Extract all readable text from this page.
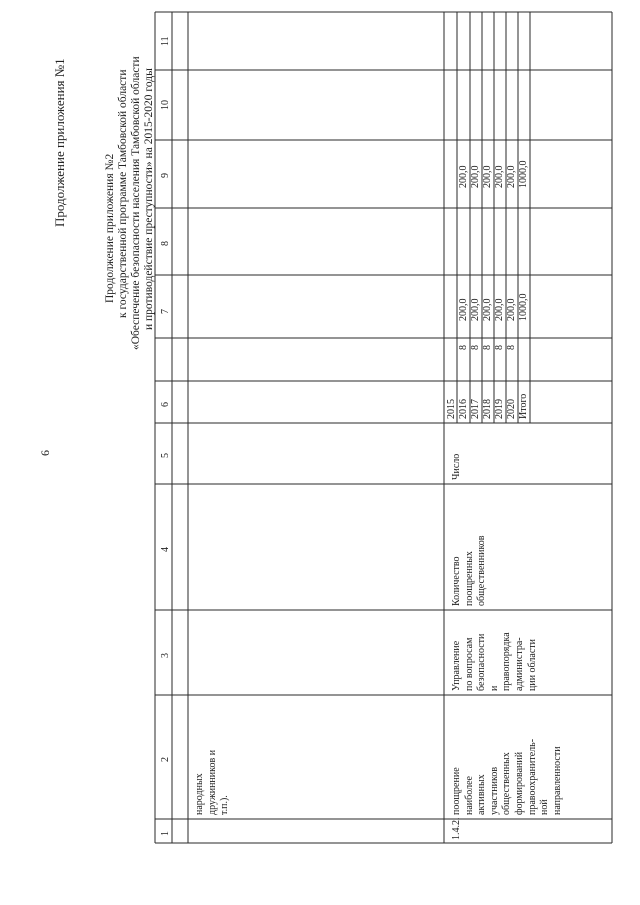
6
Продолжение приложения №1
Продолжение приложения №2 к государственной программе Тамбовской области «Обеспечение безопасности населения Тамбовской области и противодействие преступности» на 2015-2020 годы
1
2
3
4
5
6
7
8
9
10
11
народных дружинников и т.п.).
1.4.2.
поощрение наиболее активных участников общественных формирований правоохранитель- ной направленности
Управление по вопросам безопасности и правопорядка администра- ции области
Количество поощренных общественников
Число
2015 2016 2017 2018 2019 2020 Итого

8 8 8 8 8

200,0 200,0 200,0 200,0 200,0 1000,0

200,0 200,0 200,0 200,0 200,0 1000,0
